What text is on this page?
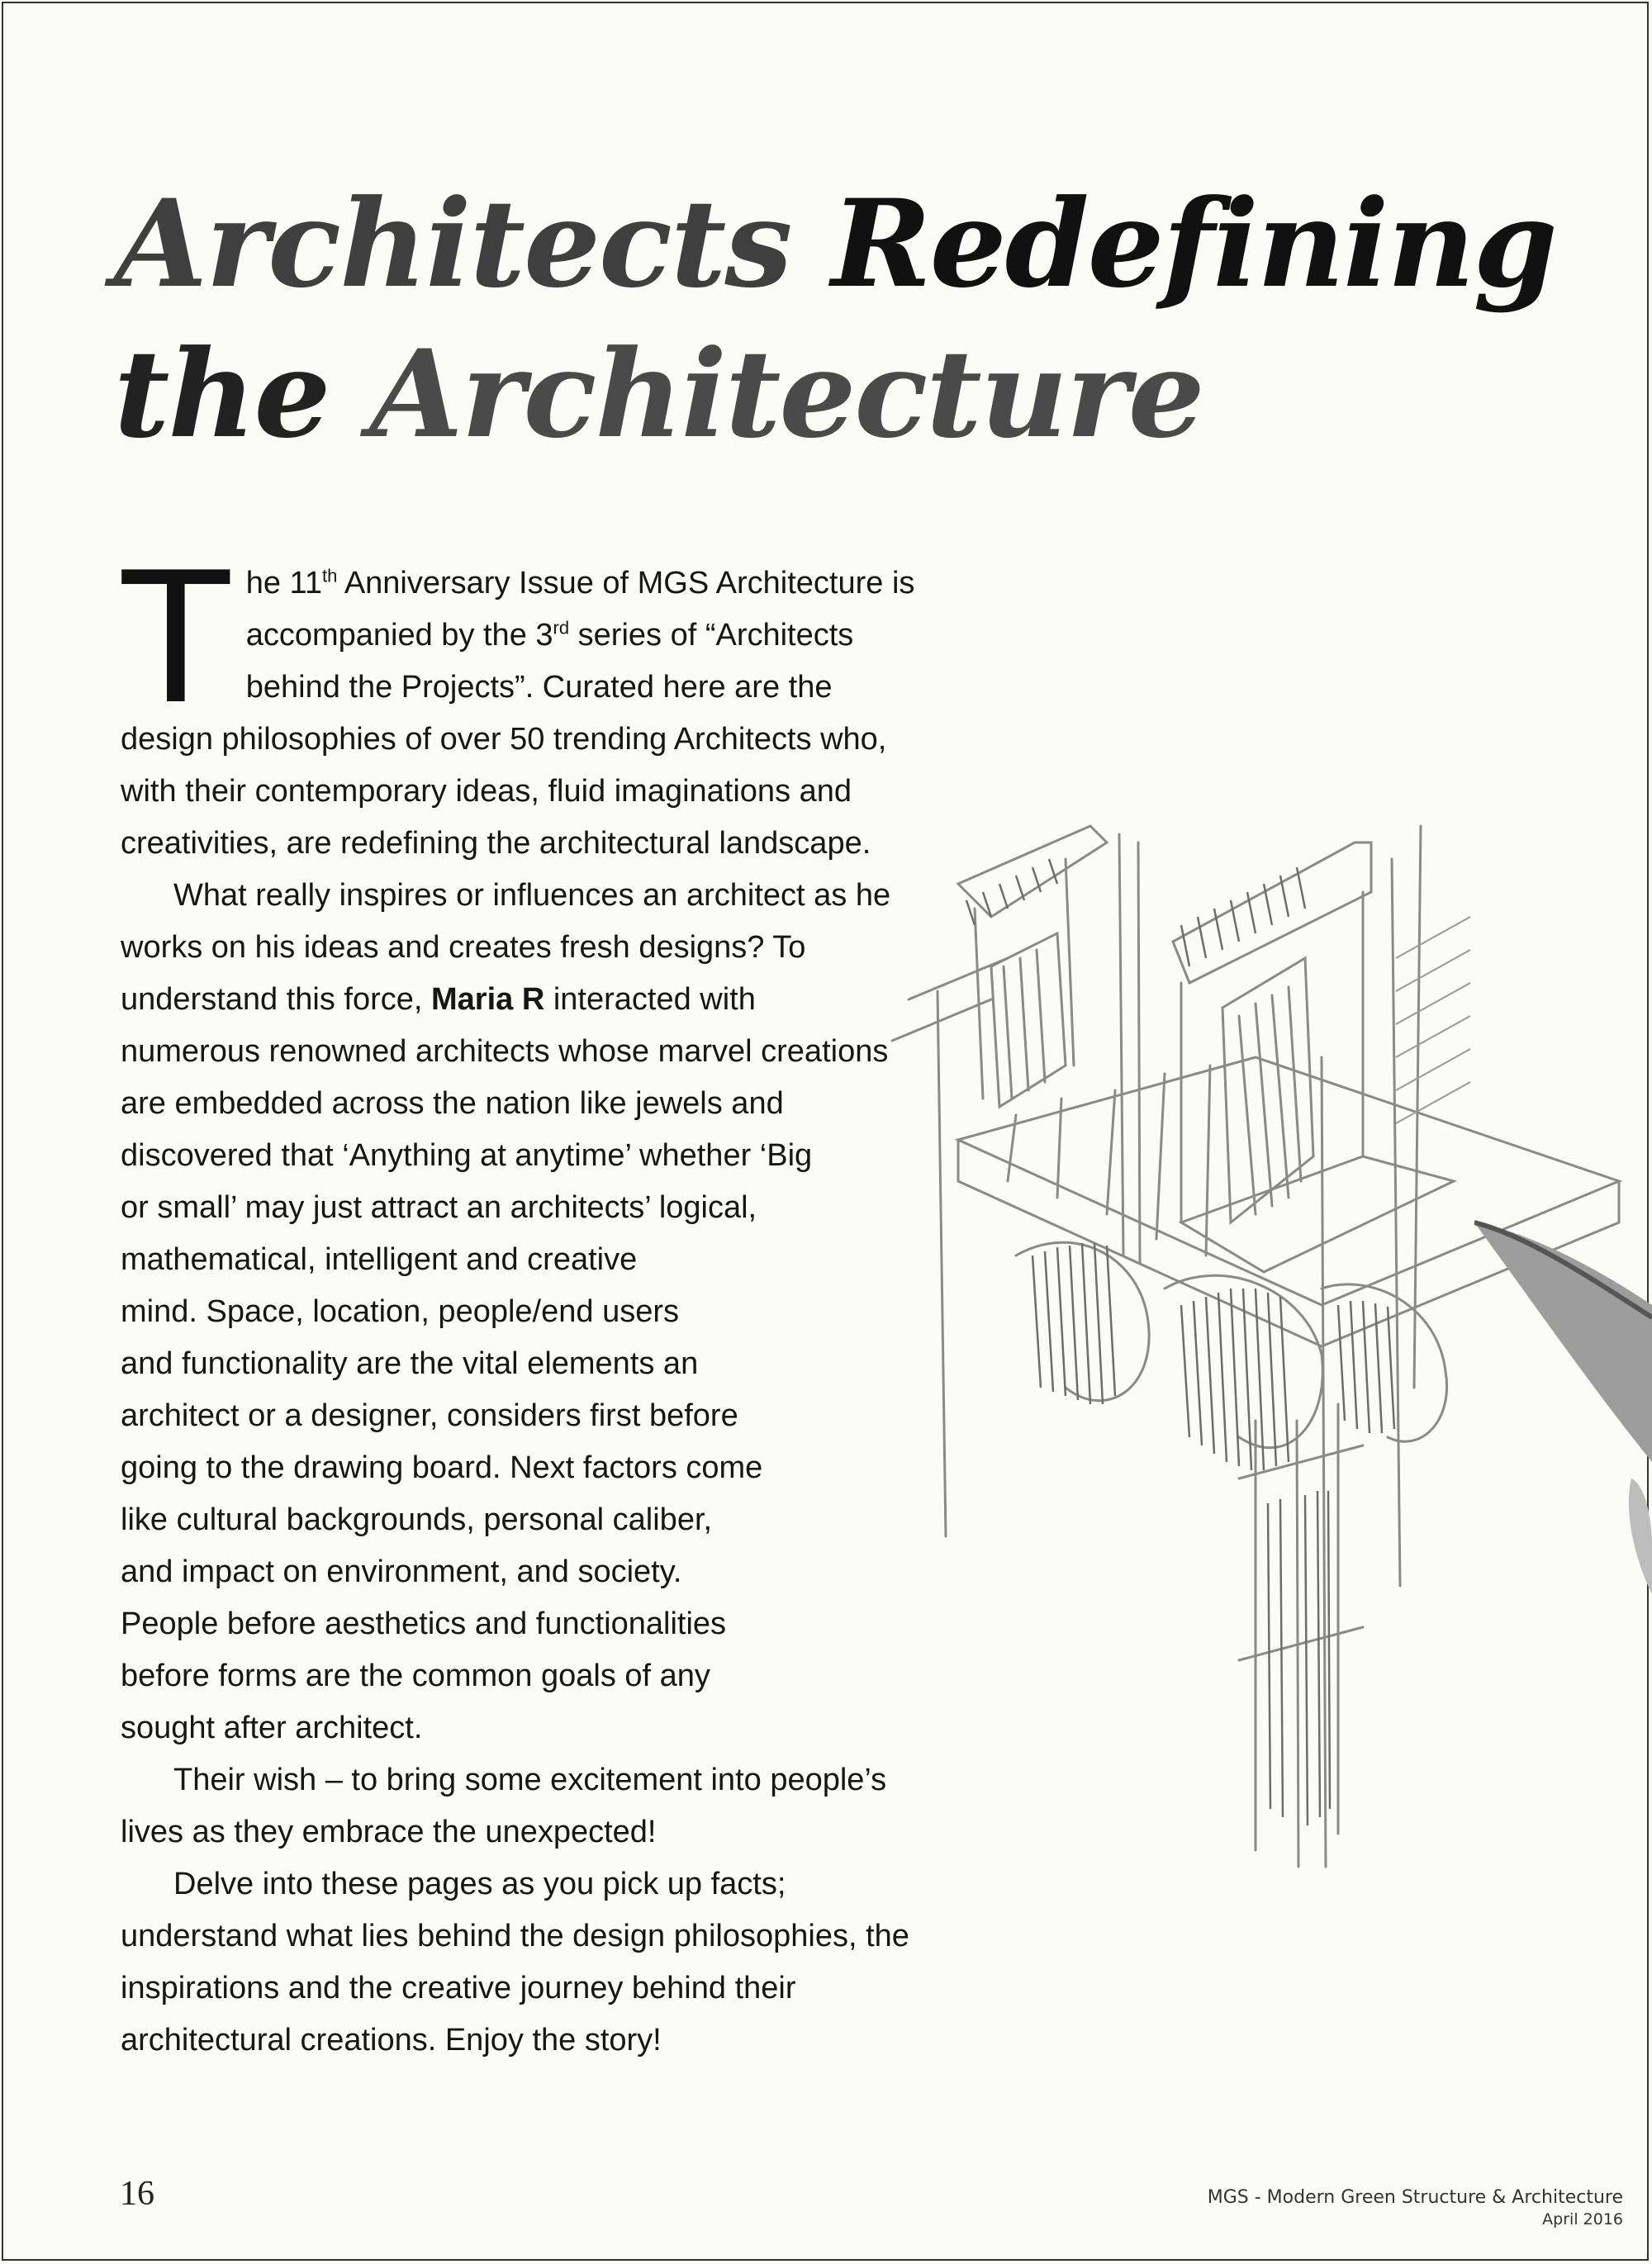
Architects Redefining
the Architecture

The 11th Anniversary Issue of MGS Architecture is accompanied by the 3rd series of “Architects behind the Projects”. Curated here are the design philosophies of over 50 trending Architects who, with their contemporary ideas, fluid imaginations and creativities, are redefining the architectural landscape.

What really inspires or influences an architect as he works on his ideas and creates fresh designs? To understand this force, Maria R interacted with

numerous renowned architects whose marvel creations
are embedded across the nation like jewels and
discovered that ‘Anything at anytime’ whether ‘Big
or small’ may just attract an architects’ logical,
mathematical, intelligent and creative
mind. Space, location, people/end users
and functionality are the vital elements an
architect or a designer, considers first before
going to the drawing board. Next factors come
like cultural backgrounds, personal caliber,
and impact on environment, and society.
People before aesthetics and functionalities
before forms are the common goals of any
sought after architect.

Their wish – to bring some excitement into people’s lives as they embrace the unexpected!

Delve into these pages as you pick up facts; understand what lies behind the design philosophies, the inspirations and the creative journey behind their architectural creations. Enjoy the story!

16	MGS - Modern Green Structure & Architecture
April 2016
